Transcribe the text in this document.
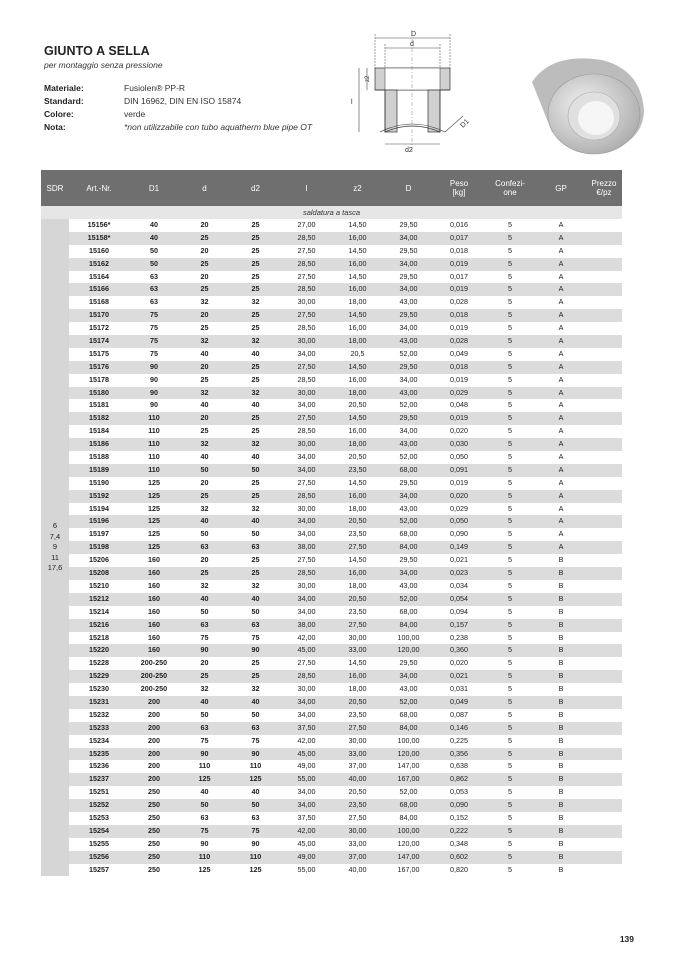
GIUNTO A SELLA
per montaggio senza pressione
Materiale:	Fusiolen® PP-R
Standard:	DIN 16962, DIN EN ISO 15874
Colore:	verde
Nota:	*non utilizzabile con tubo aquatherm blue pipe OT
D
d
l
z2
d2
D1
SDR	Art.-Nr.	D1	d	d2	l	z2	D	Peso
[kg]
Confezi-
one	GP	Prezzo
€/pz
saldatura a tasca
6
7,4
9
11
17,6
15156*	40	20	25	27,00	14,50	29,50	0,016	5	A
15158*	40	25	25	28,50	16,00	34,00	0,017	5	A
15160	50	20	25	27,50	14,50	29,50	0,018	5	A
15162	50	25	25	28,50	16,00	34,00	0,019	5	A
15164	63	20	25	27,50	14,50	29,50	0,017	5	A
15166	63	25	25	28,50	16,00	34,00	0,019	5	A
15168	63	32	32	30,00	18,00	43,00	0,028	5	A
15170	75	20	25	27,50	14,50	29,50	0,018	5	A
15172	75	25	25	28,50	16,00	34,00	0,019	5	A
15174	75	32	32	30,00	18,00	43,00	0,028	5	A
15175	75	40	40	34,00	20,5	52,00	0,049	5	A
15176	90	20	25	27,50	14,50	29,50	0,018	5	A
15178	90	25	25	28,50	16,00	34,00	0,019	5	A
15180	90	32	32	30,00	18,00	43,00	0,029	5	A
15181	90	40	40	34,00	20,50	52,00	0,048	5	A
15182	110	20	25	27,50	14,50	29,50	0,019	5	A
15184	110	25	25	28,50	16,00	34,00	0,020	5	A
15186	110	32	32	30,00	18,00	43,00	0,030	5	A
15188	110	40	40	34,00	20,50	52,00	0,050	5	A
15189	110	50	50	34,00	23,50	68,00	0,091	5	A
15190	125	20	25	27,50	14,50	29,50	0,019	5	A
15192	125	25	25	28,50	16,00	34,00	0,020	5	A
15194	125	32	32	30,00	18,00	43,00	0,029	5	A
15196	125	40	40	34,00	20,50	52,00	0,050	5	A
15197	125	50	50	34,00	23,50	68,00	0,090	5	A
15198	125	63	63	38,00	27,50	84,00	0,149	5	A
15206	160	20	25	27,50	14,50	29,50	0,021	5	B
15208	160	25	25	28,50	16,00	34,00	0,023	5	B
15210	160	32	32	30,00	18,00	43,00	0,034	5	B
15212	160	40	40	34,00	20,50	52,00	0,054	5	B
15214	160	50	50	34,00	23,50	68,00	0,094	5	B
15216	160	63	63	38,00	27,50	84,00	0,157	5	B
15218	160	75	75	42,00	30,00	100,00	0,238	5	B
15220	160	90	90	45,00	33,00	120,00	0,360	5	B
15228	200-250	20	25	27,50	14,50	29,50	0,020	5	B
15229	200-250	25	25	28,50	16,00	34,00	0,021	5	B
15230	200-250	32	32	30,00	18,00	43,00	0,031	5	B
15231	200	40	40	34,00	20,50	52,00	0,049	5	B
15232	200	50	50	34,00	23,50	68,00	0,087	5	B
15233	200	63	63	37,50	27,50	84,00	0,146	5	B
15234	200	75	75	42,00	30,00	100,00	0,225	5	B
15235	200	90	90	45,00	33,00	120,00	0,356	5	B
15236	200	110	110	49,00	37,00	147,00	0,638	5	B
15237	200	125	125	55,00	40,00	167,00	0,862	5	B
15251	250	40	40	34,00	20,50	52,00	0,053	5	B
15252	250	50	50	34,00	23,50	68,00	0,090	5	B
15253	250	63	63	37,50	27,50	84,00	0,152	5	B
15254	250	75	75	42,00	30,00	100,00	0,222	5	B
15255	250	90	90	45,00	33,00	120,00	0,348	5	B
15256	250	110	110	49,00	37,00	147,00	0,602	5	B
15257	250	125	125	55,00	40,00	167,00	0,820	5	B
139
